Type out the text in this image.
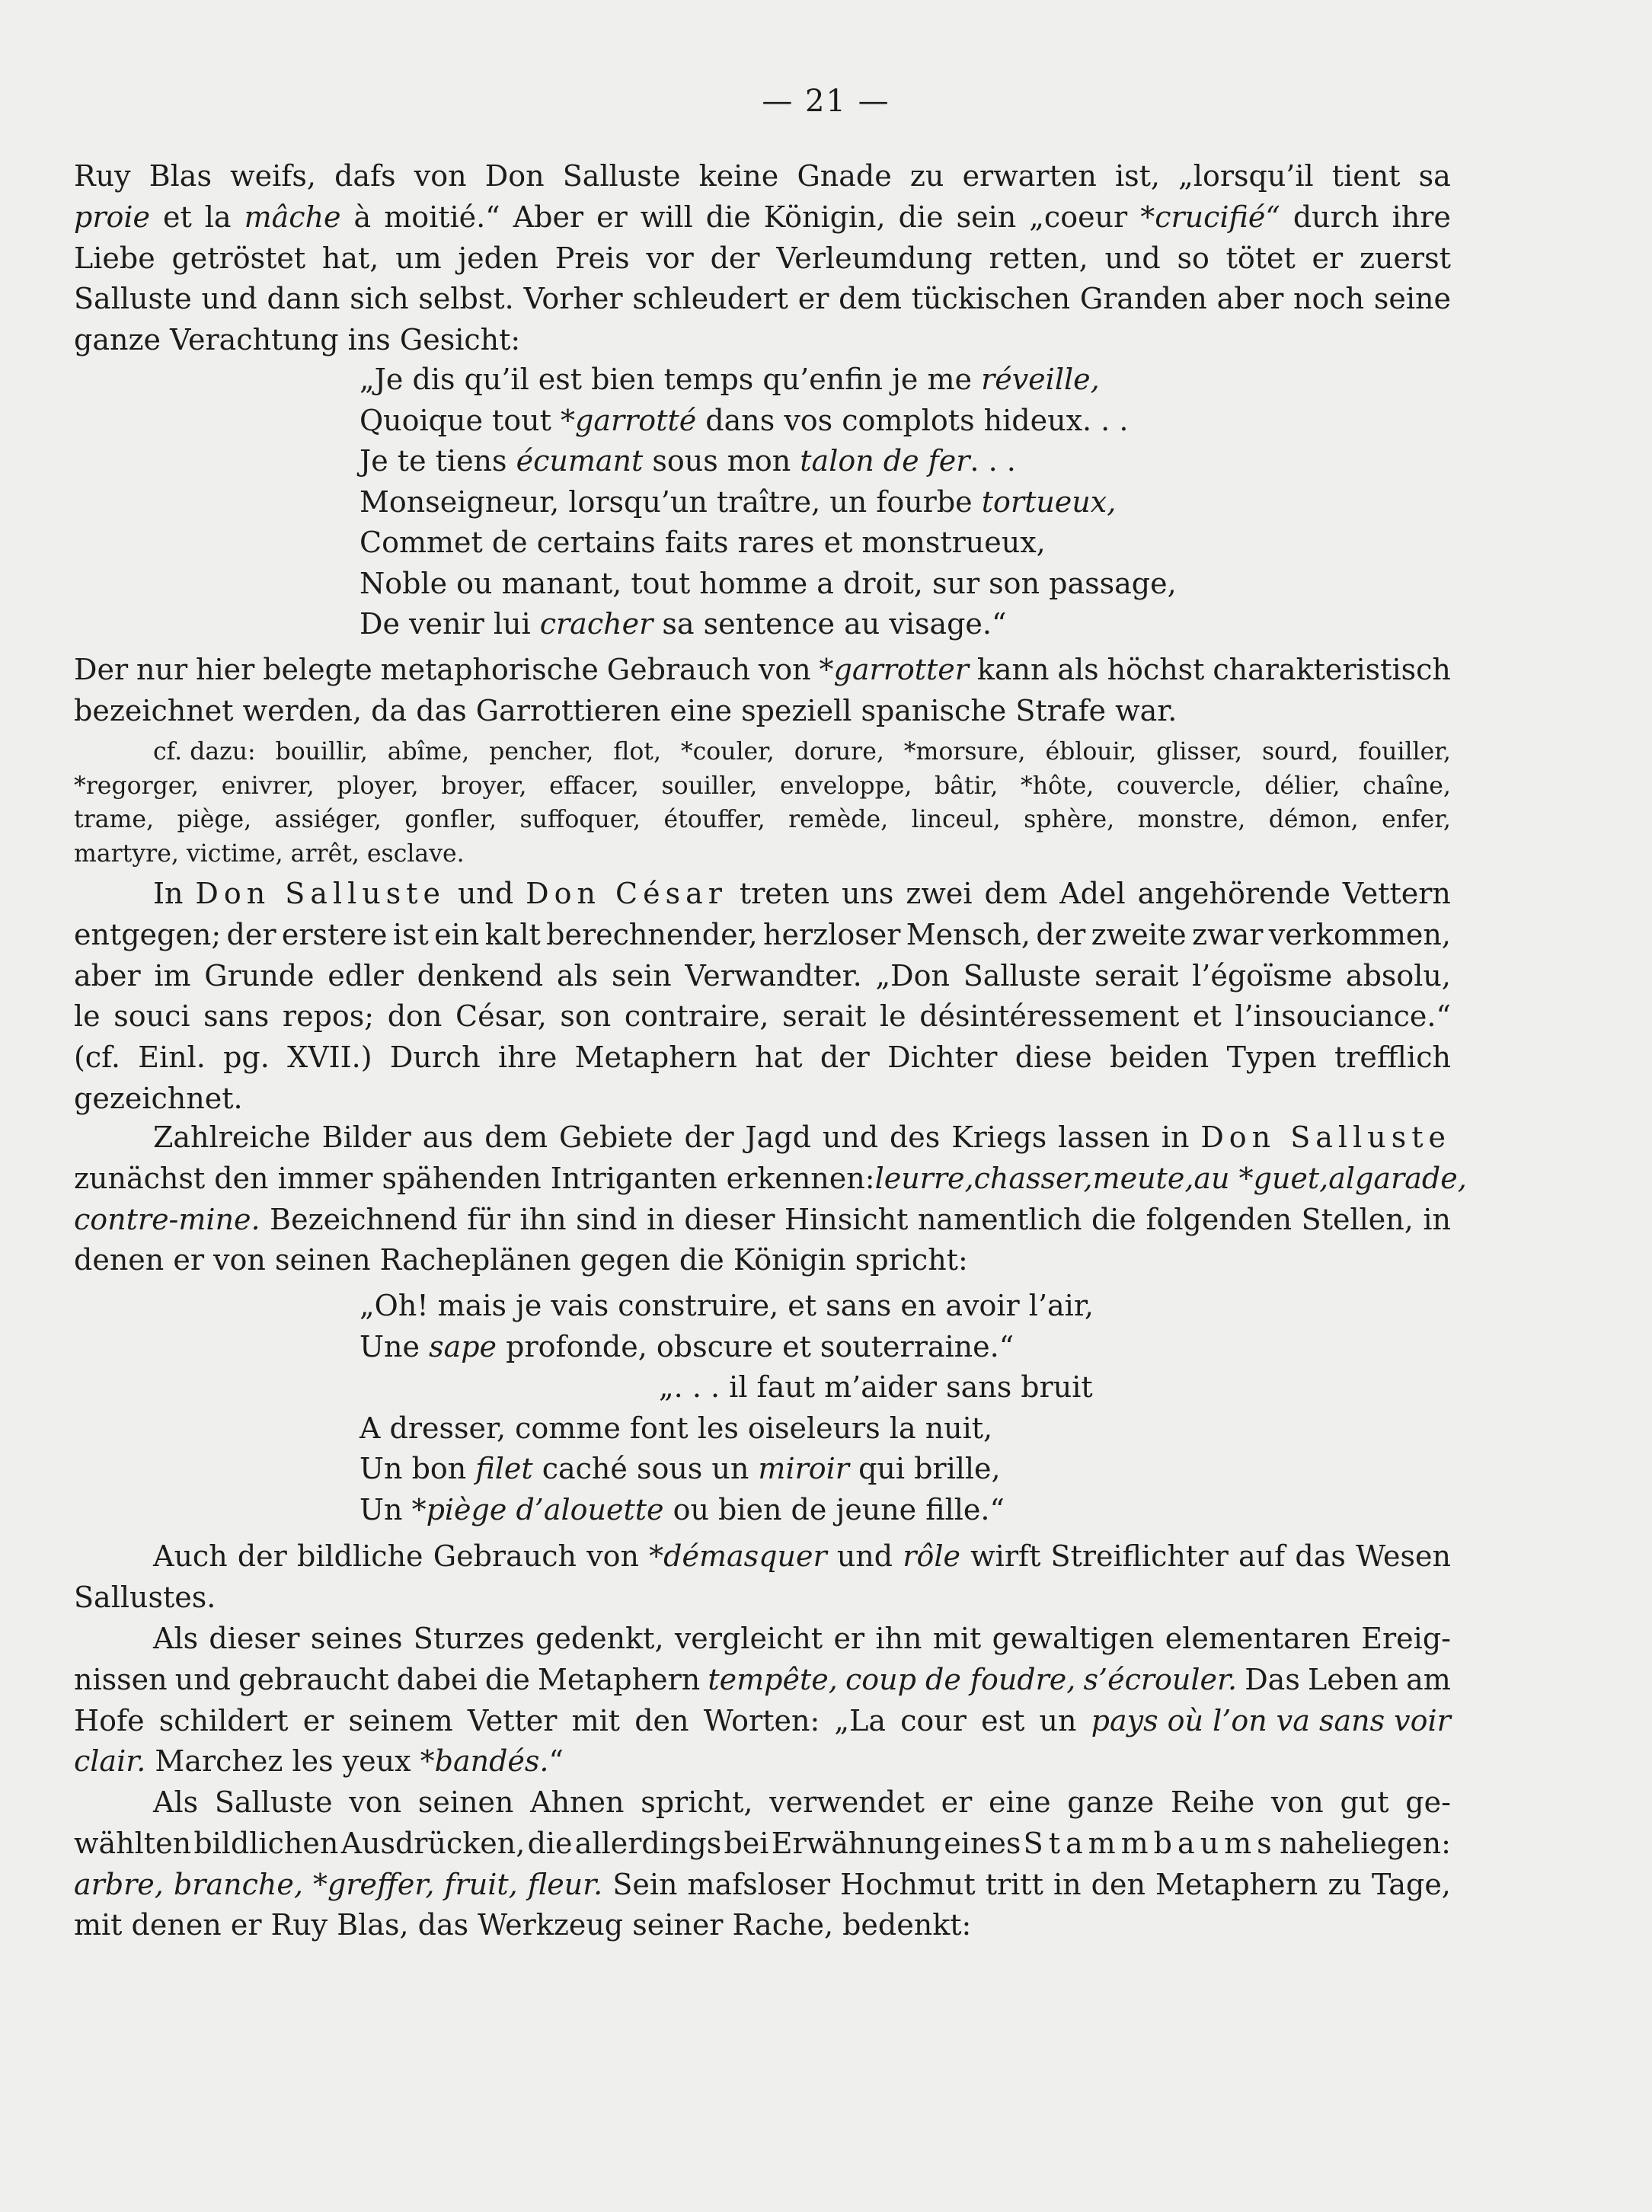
— 21 —
Ruy Blas weifs, dafs von Don Salluste keine Gnade zu erwarten ist, „lorsqu’il tient sa
proie et la mâche à moitié.“ Aber er will die Königin, die sein „coeur *crucifié“ durch ihre
Liebe getröstet hat, um jeden Preis vor der Verleumdung retten, und so tötet er zuerst
Salluste und dann sich selbst. Vorher schleudert er dem tückischen Granden aber noch seine
ganze Verachtung ins Gesicht:
„Je dis qu’il est bien temps qu’enfin je me réveille,
Quoique tout *garrotté dans vos complots hideux. . .
Je te tiens écumant sous mon talon de fer. . .
Monseigneur, lorsqu’un traître, un fourbe tortueux,
Commet de certains faits rares et monstrueux,
Noble ou manant, tout homme a droit, sur son passage,
De venir lui cracher sa sentence au visage.“
Der nur hier belegte metaphorische Gebrauch von *garrotter kann als höchst charakteristisch
bezeichnet werden, da das Garrottieren eine speziell spanische Strafe war.
cf. dazu: bouillir, abîme, pencher, flot, *couler, dorure, *morsure, éblouir, glisser, sourd, fouiller,
*regorger, enivrer, ployer, broyer, effacer, souiller, enveloppe, bâtir, *hôte, couvercle, délier, chaîne,
trame, piège, assiéger, gonfler, suffoquer, étouffer, remède, linceul, sphère, monstre, démon, enfer,
martyre, victime, arrêt, esclave.
In Don Salluste und Don César treten uns zwei dem Adel angehörende Vettern
entgegen; der erstere ist ein kalt berechnender, herzloser Mensch, der zweite zwar verkommen,
aber im Grunde edler denkend als sein Verwandter. „Don Salluste serait l’égoïsme absolu,
le souci sans repos; don César, son contraire, serait le désintéressement et l’insouciance.“
(cf. Einl. pg. XVII.) Durch ihre Metaphern hat der Dichter diese beiden Typen trefflich
gezeichnet.
Zahlreiche Bilder aus dem Gebiete der Jagd und des Kriegs lassen in Don Salluste
zunächst den immer spähenden Intriganten erkennen: leurre, chasser, meute, au *guet, algarade,
contre-mine. Bezeichnend für ihn sind in dieser Hinsicht namentlich die folgenden Stellen, in
denen er von seinen Racheplänen gegen die Königin spricht:
„Oh! mais je vais construire, et sans en avoir l’air,
Une sape profonde, obscure et souterraine.“
„. . . il faut m’aider sans bruit
A dresser, comme font les oiseleurs la nuit,
Un bon filet caché sous un miroir qui brille,
Un *piège d’alouette ou bien de jeune fille.“
Auch der bildliche Gebrauch von *démasquer und rôle wirft Streiflichter auf das Wesen
Sallustes.
Als dieser seines Sturzes gedenkt, vergleicht er ihn mit gewaltigen elementaren Ereig-
nissen und gebraucht dabei die Metaphern tempête, coup de foudre, s’écrouler. Das Leben am
Hofe schildert er seinem Vetter mit den Worten: „La cour est un pays où l’on va sans voir
clair. Marchez les yeux *bandés.“
Als Salluste von seinen Ahnen spricht, verwendet er eine ganze Reihe von gut ge-
wählten bildlichen Ausdrücken, die allerdings bei Erwähnung eines Stammbaums naheliegen:
arbre, branche, *greffer, fruit, fleur. Sein mafsloser Hochmut tritt in den Metaphern zu Tage,
mit denen er Ruy Blas, das Werkzeug seiner Rache, bedenkt:
